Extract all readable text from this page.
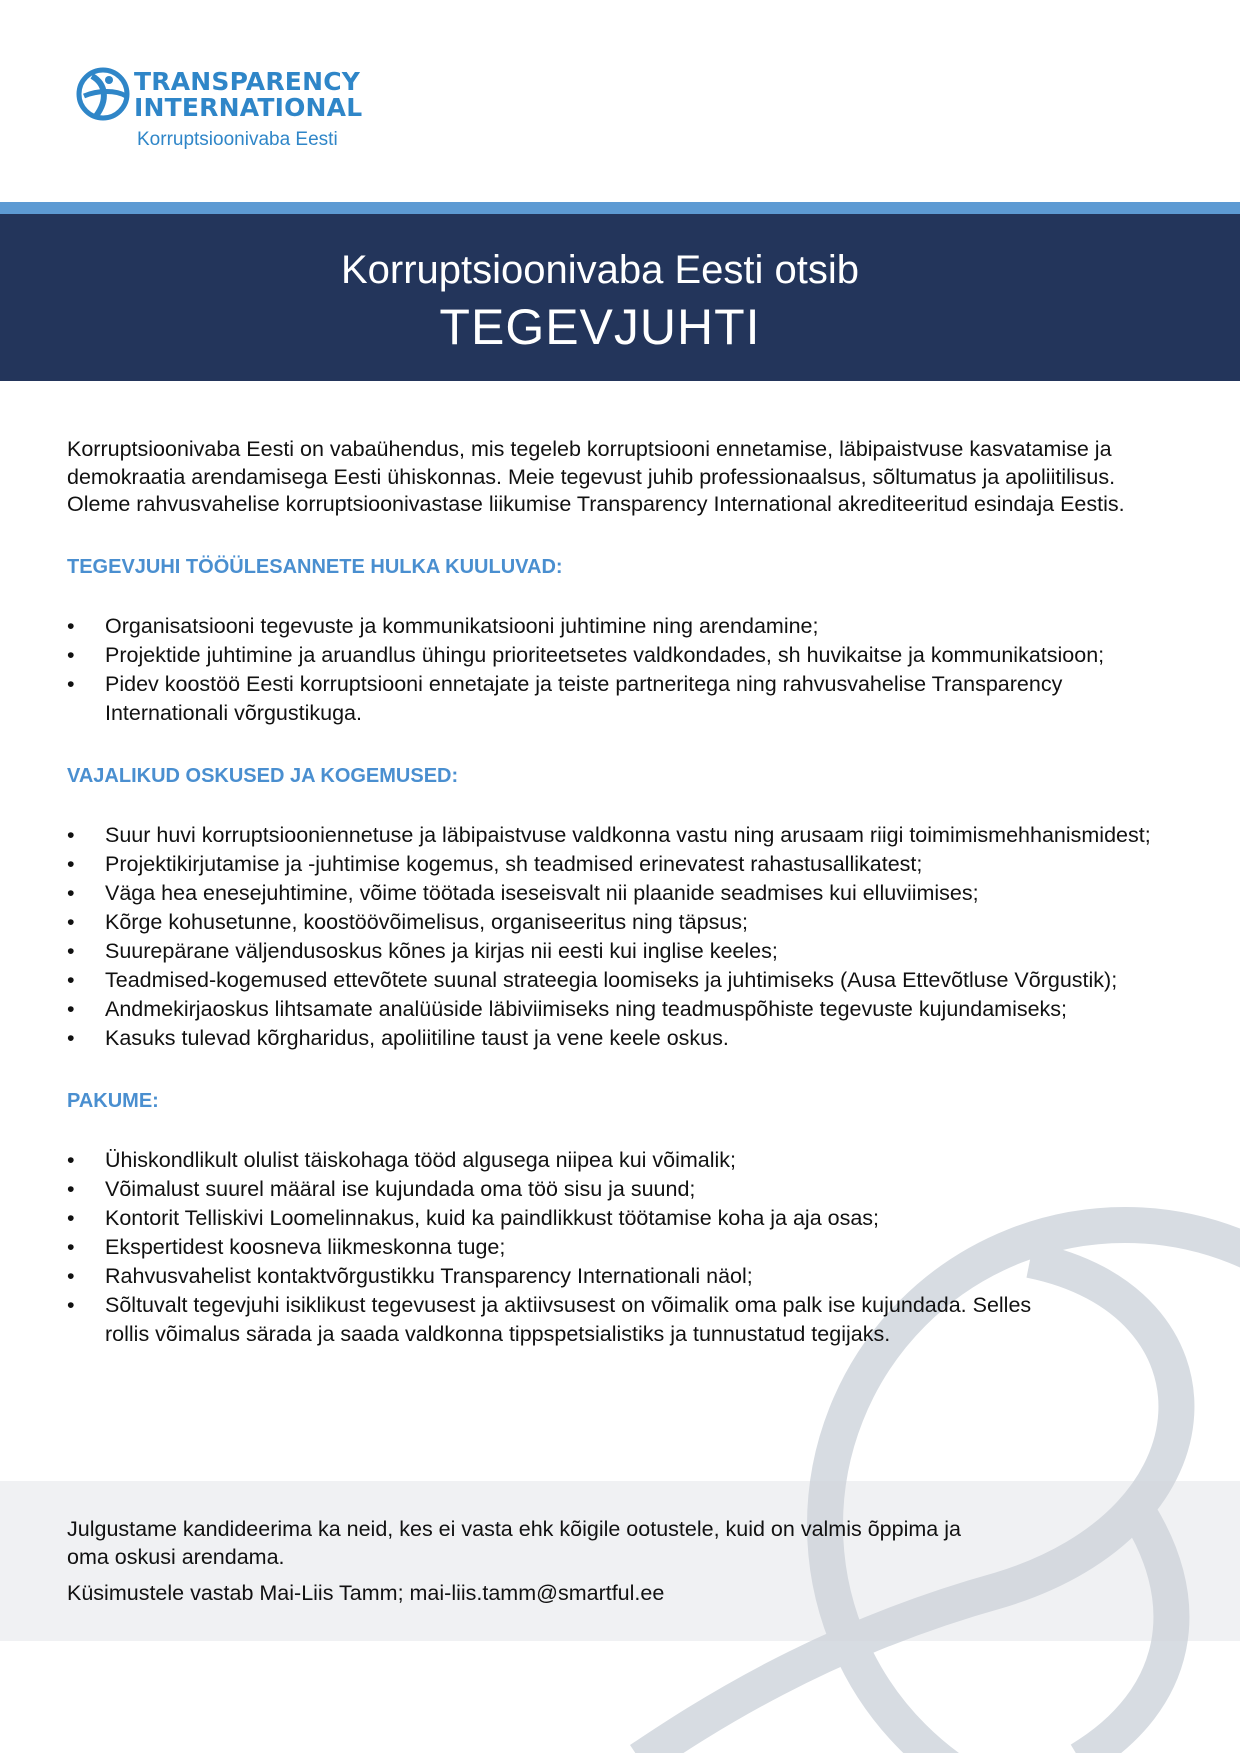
TRANSPARENCY
INTERNATIONAL
Korruptsioonivaba Eesti
Korruptsioonivaba Eesti otsib
TEGEVJUHTI

Korruptsioonivaba Eesti on vabaühendus, mis tegeleb korruptsiooni ennetamise, läbipaistvuse kasvatamise ja demokraatia arendamisega Eesti ühiskonnas. Meie tegevust juhib professionaalsus, sõltumatus ja apoliitilisus. Oleme rahvusvahelise korruptsioonivastase liikumise Transparency International akrediteeritud esindaja Eestis.

TEGEVJUHI TÖÖÜLESANNETE HULKA KUULUVAD:
• Organisatsiooni tegevuste ja kommunikatsiooni juhtimine ning arendamine;
• Projektide juhtimine ja aruandlus ühingu prioriteetsetes valdkondades, sh huvikaitse ja kommunikatsioon;
• Pidev koostöö Eesti korruptsiooni ennetajate ja teiste partneritega ning rahvusvahelise Transparency Internationali võrgustikuga.
VAJALIKUD OSKUSED JA KOGEMUSED:
• Suur huvi korruptsiooniennetuse ja läbipaistvuse valdkonna vastu ning arusaam riigi toimimismehhanismidest;
• Projektikirjutamise ja -juhtimise kogemus, sh teadmised erinevatest rahastusallikatest;
• Väga hea enesejuhtimine, võime töötada iseseisvalt nii plaanide seadmises kui elluviimises;
• Kõrge kohusetunne, koostöövõimelisus, organiseeritus ning täpsus;
• Suurepärane väljendusoskus kõnes ja kirjas nii eesti kui inglise keeles;
• Teadmised-kogemused ettevõtete suunal strateegia loomiseks ja juhtimiseks (Ausa Ettevõtluse Võrgustik);
• Andmekirjaoskus lihtsamate analüüside läbiviimiseks ning teadmuspõhiste tegevuste kujundamiseks;
• Kasuks tulevad kõrgharidus, apoliitiline taust ja vene keele oskus.
PAKUME:
• Ühiskondlikult olulist täiskohaga tööd algusega niipea kui võimalik;
• Võimalust suurel määral ise kujundada oma töö sisu ja suund;
• Kontorit Telliskivi Loomelinnakus, kuid ka paindlikkust töötamise koha ja aja osas;
• Ekspertidest koosneva liikmeskonna tuge;
• Rahvusvahelist kontaktvõrgustikku Transparency Internationali näol;
• Sõltuvalt tegevjuhi isiklikust tegevusest ja aktiivsusest on võimalik oma palk ise kujundada. Selles rollis võimalus särada ja saada valdkonna tippspetsialistiks ja tunnustatud tegijaks.

Julgustame kandideerima ka neid, kes ei vasta ehk kõigile ootustele, kuid on valmis õppima ja oma oskusi arendama.

Küsimustele vastab Mai-Liis Tamm; mai-liis.tamm@smartful.ee
